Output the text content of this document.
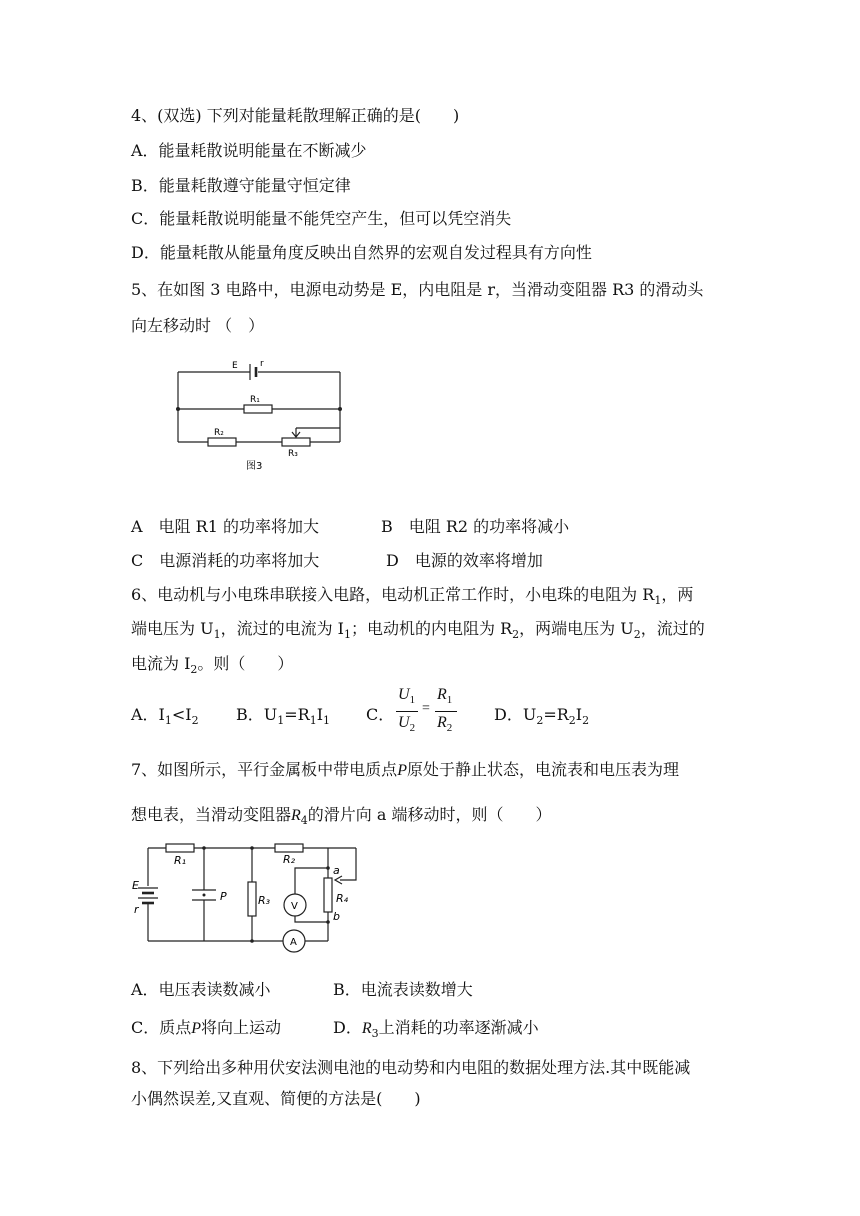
4、(双选) 下列对能量耗散理解正确的是(　　)
A．能量耗散说明能量在不断减少
B．能量耗散遵守能量守恒定律
C．能量耗散说明能量不能凭空产生，但可以凭空消失
D．能量耗散从能量角度反映出自然界的宏观自发过程具有方向性
5、在如图 3 电路中，电源电动势是 E，内电阻是 r，当滑动变阻器 R3 的滑动头
向左移动时 （　）
E r
R₁
R₂
R₃
图3
A　电阻 R1 的功率将加大	B　电阻 R2 的功率将减小
C　电源消耗的功率将加大	D　电源的效率将增加
6、电动机与小电珠串联接入电路，电动机正常工作时，小电珠的电阻为 $R_1$，两
端电压为 $U_1$，流过的电流为 $I_1$；电动机的内电阻为 $R_2$，两端电压为 $U_2$，流过的
电流为 $I_2$。则（　　）
A．$I_1<I_2$ B．$U_1=R_1I_1$ C．
$U_1$
$U_2$
=
$R_1$
$R_2$
D．$U_2=R_2I_2$
7、如图所示，平行金属板中带电质点P原处于静止状态，电流表和电压表为理
想电表，当滑动变阻器$R_4$的滑片向 a 端移动时，则（　　）
E
r
R₁
P	R₃
R₂
V
a
b
R₄
A
A．电压表读数减小	B．电流表读数增大
C．质点P将向上运动	D．$R_3$上消耗的功率逐渐减小
8、下列给出多种用伏安法测电池的电动势和内电阻的数据处理方法.其中既能减
小偶然误差,又直观、简便的方法是(　　)
